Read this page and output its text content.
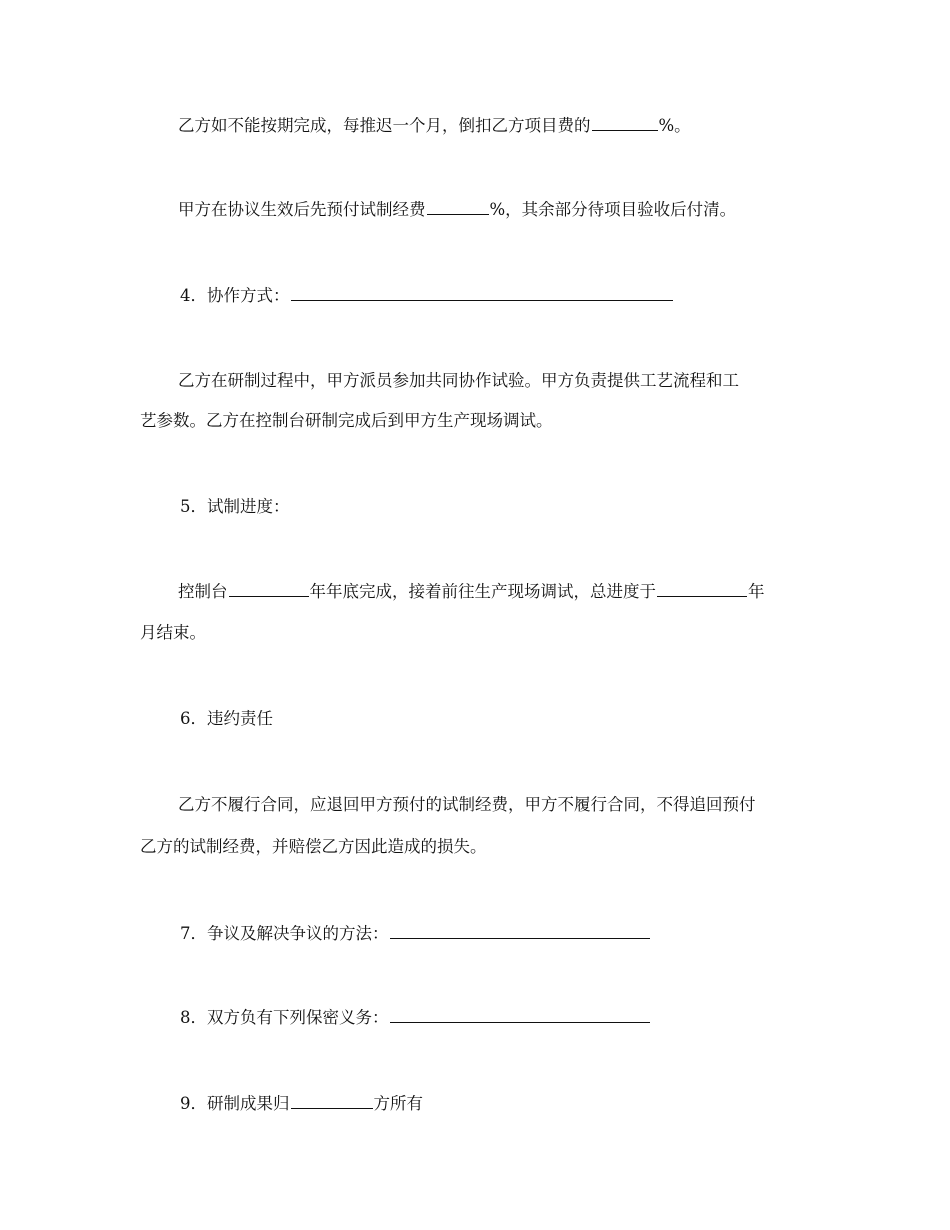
乙方如不能按期完成，每推迟一个月，倒扣乙方项目费的	%。
甲方在协议生效后先预付试制经费	%，其余部分待项目验收后付清。
4．协作方式：
乙方在研制过程中，甲方派员参加共同协作试验。甲方负责提供工艺流程和工
艺参数。乙方在控制台研制完成后到甲方生产现场调试。
5．试制进度：
控制台	年年底完成，接着前往生产现场调试，总进度于	年
月结束。
6．违约责任
乙方不履行合同，应退回甲方预付的试制经费，甲方不履行合同，不得追回预付
乙方的试制经费，并赔偿乙方因此造成的损失。
7．争议及解决争议的方法：
8．双方负有下列保密义务：
9．研制成果归	方所有
